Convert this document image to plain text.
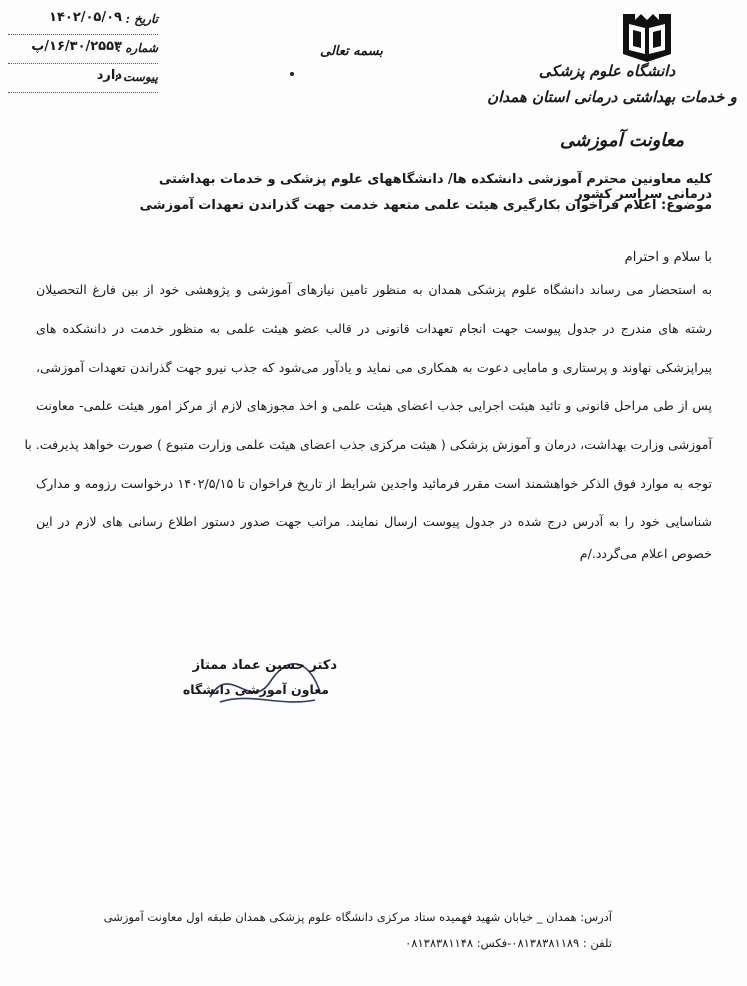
دانشگاه علوم پزشکی
و خدمات بهداشتی درمانی استان همدان
معاونت آموزشی
بسمه تعالی
تاریخ :
۱۴۰۲/۰۵/۰۹
شماره :
۱۶/۳۰/۲۵۵۳/پ
پیوست :
دارد
کلیه معاونین محترم آموزشی دانشکده ها/ دانشگاههای علوم پزشکی و خدمات بهداشتی درمانی سراسر کشور
موضوع: اعلام فراخوان بکارگیری هیئت علمی متعهد خدمت جهت گذراندن تعهدات آموزشی
با سلام و احترام
به استحضار می رساند دانشگاه علوم پزشکی همدان به منظور تامین نیازهای آموزشی و پژوهشی خود از بین فارغ التحصیلان
رشته های مندرج در جدول پیوست جهت انجام تعهدات قانونی در قالب عضو هیئت علمی به منظور خدمت در دانشکده های
پیراپزشکی نهاوند و پرستاری و مامایی دعوت به همکاری می نماید و یادآور می‌شود که جذب نیرو جهت گذراندن تعهدات آموزشی،
پس از طی مراحل قانونی و تائید هیئت اجرایی جذب اعضای هیئت علمی و اخذ مجوزهای لازم از مرکز امور هیئت علمی- معاونت
آموزشی وزارت بهداشت، درمان و آموزش پزشکی ( هیئت مرکزی جذب اعضای هیئت علمی وزارت متبوع ) صورت خواهد پذیرفت. با
توجه به موارد فوق الذکر خواهشمند است مقرر فرمائید واجدین شرایط از تاریخ فراخوان تا ۱۴۰۲/۵/۱۵ درخواست رزومه و مدارک
شناسایی خود را به آدرس درج شده در جدول پیوست ارسال نمایند. مراتب جهت صدور دستور اطلاع رسانی های لازم در این
خصوص اعلام می‌گردد./م
دکتر حسین عماد ممتاز
معاون آموزشی دانشگاه
آدرس: همدان _ خیابان شهید فهمیده ستاد مرکزی دانشگاه علوم پزشکی همدان طبقه اول معاونت آموزشی
تلفن : ۰۸۱۳۸۳۸۱۱۸۹-فکس: ۰۸۱۳۸۳۸۱۱۴۸
